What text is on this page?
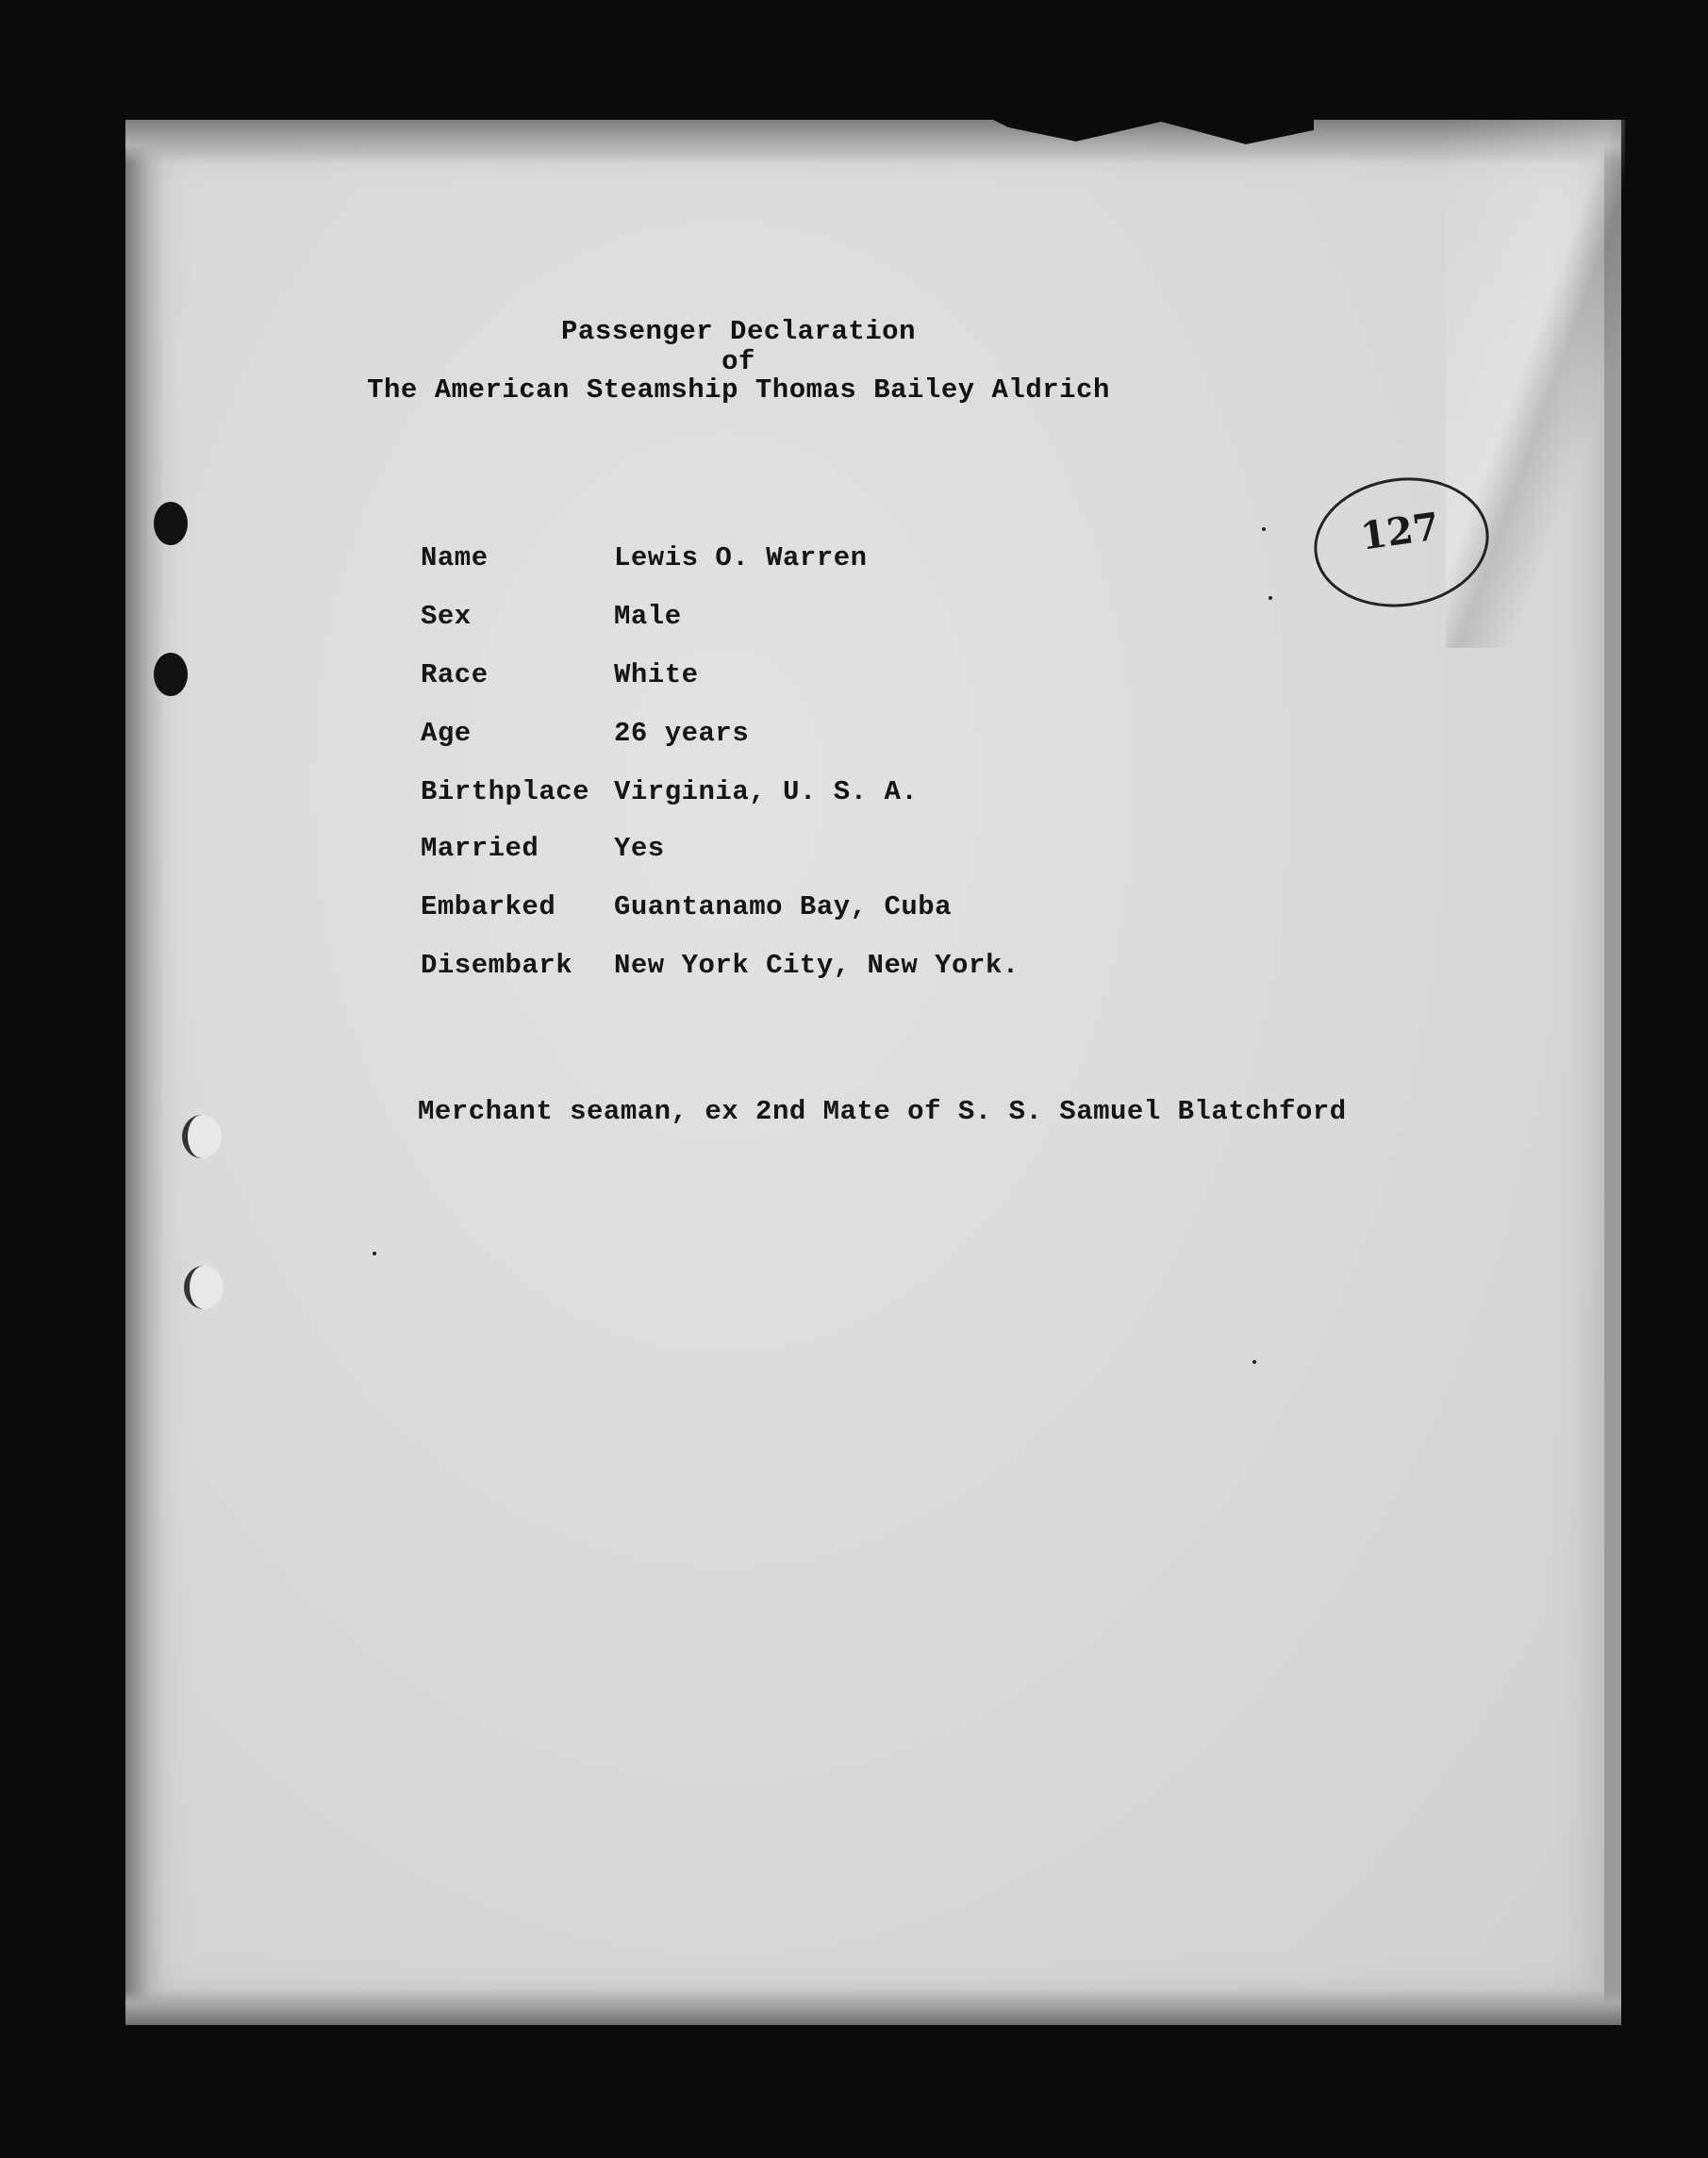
Passenger Declaration
of
The American Steamship Thomas Bailey Aldrich
Name	Lewis O. Warren
Sex	Male
Race	White
Age	26 years
Birthplace Virginia, U. S. A.
Married	Yes
Embarked Guantanamo Bay, Cuba
Disembark New York City, New York.
Merchant seaman, ex 2nd Mate of S. S. Samuel Blatchford
127
